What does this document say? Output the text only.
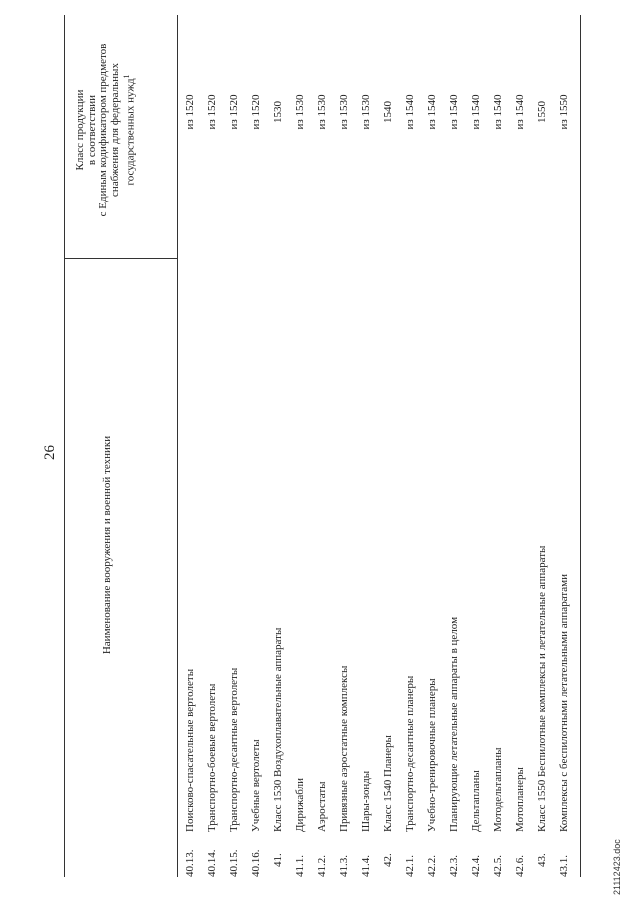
26	Наименование вооружения и военной техники
Класс продукции в соответствии с Единым кодификатором предметов снабжения для федеральных государственных нужд$^1$
40.13.
Поисково-спасательные вертолеты
из 1520
40.14.
Транспортно-боевые вертолеты
из 1520
40.15.
Транспортно-десантные вертолеты
из 1520
40.16.
Учебные вертолеты
из 1520
41.
Класс 1530 Воздухоплавательные аппараты
1530
41.1.
Дирижабли
из 1530
41.2.
Аэростаты
из 1530
41.3.
Привязные аэростатные комплексы
из 1530
41.4.
Шары-зонды
из 1530
42.
Класс 1540 Планеры
1540
42.1.
Транспортно-десантные планеры
из 1540
42.2.
Учебно-тренировочные планеры
из 1540
42.3.
Планирующие летательные аппараты в целом
из 1540
42.4.
Дельтапланы
из 1540
42.5.
Мотодельтапланы
из 1540
42.6.
Мотопланеры
из 1540
43.
Класс 1550 Беспилотные комплексы и летательные аппараты
1550
43.1.
Комплексы с беспилотными летательными аппаратами
из 1550
21112423.doc
